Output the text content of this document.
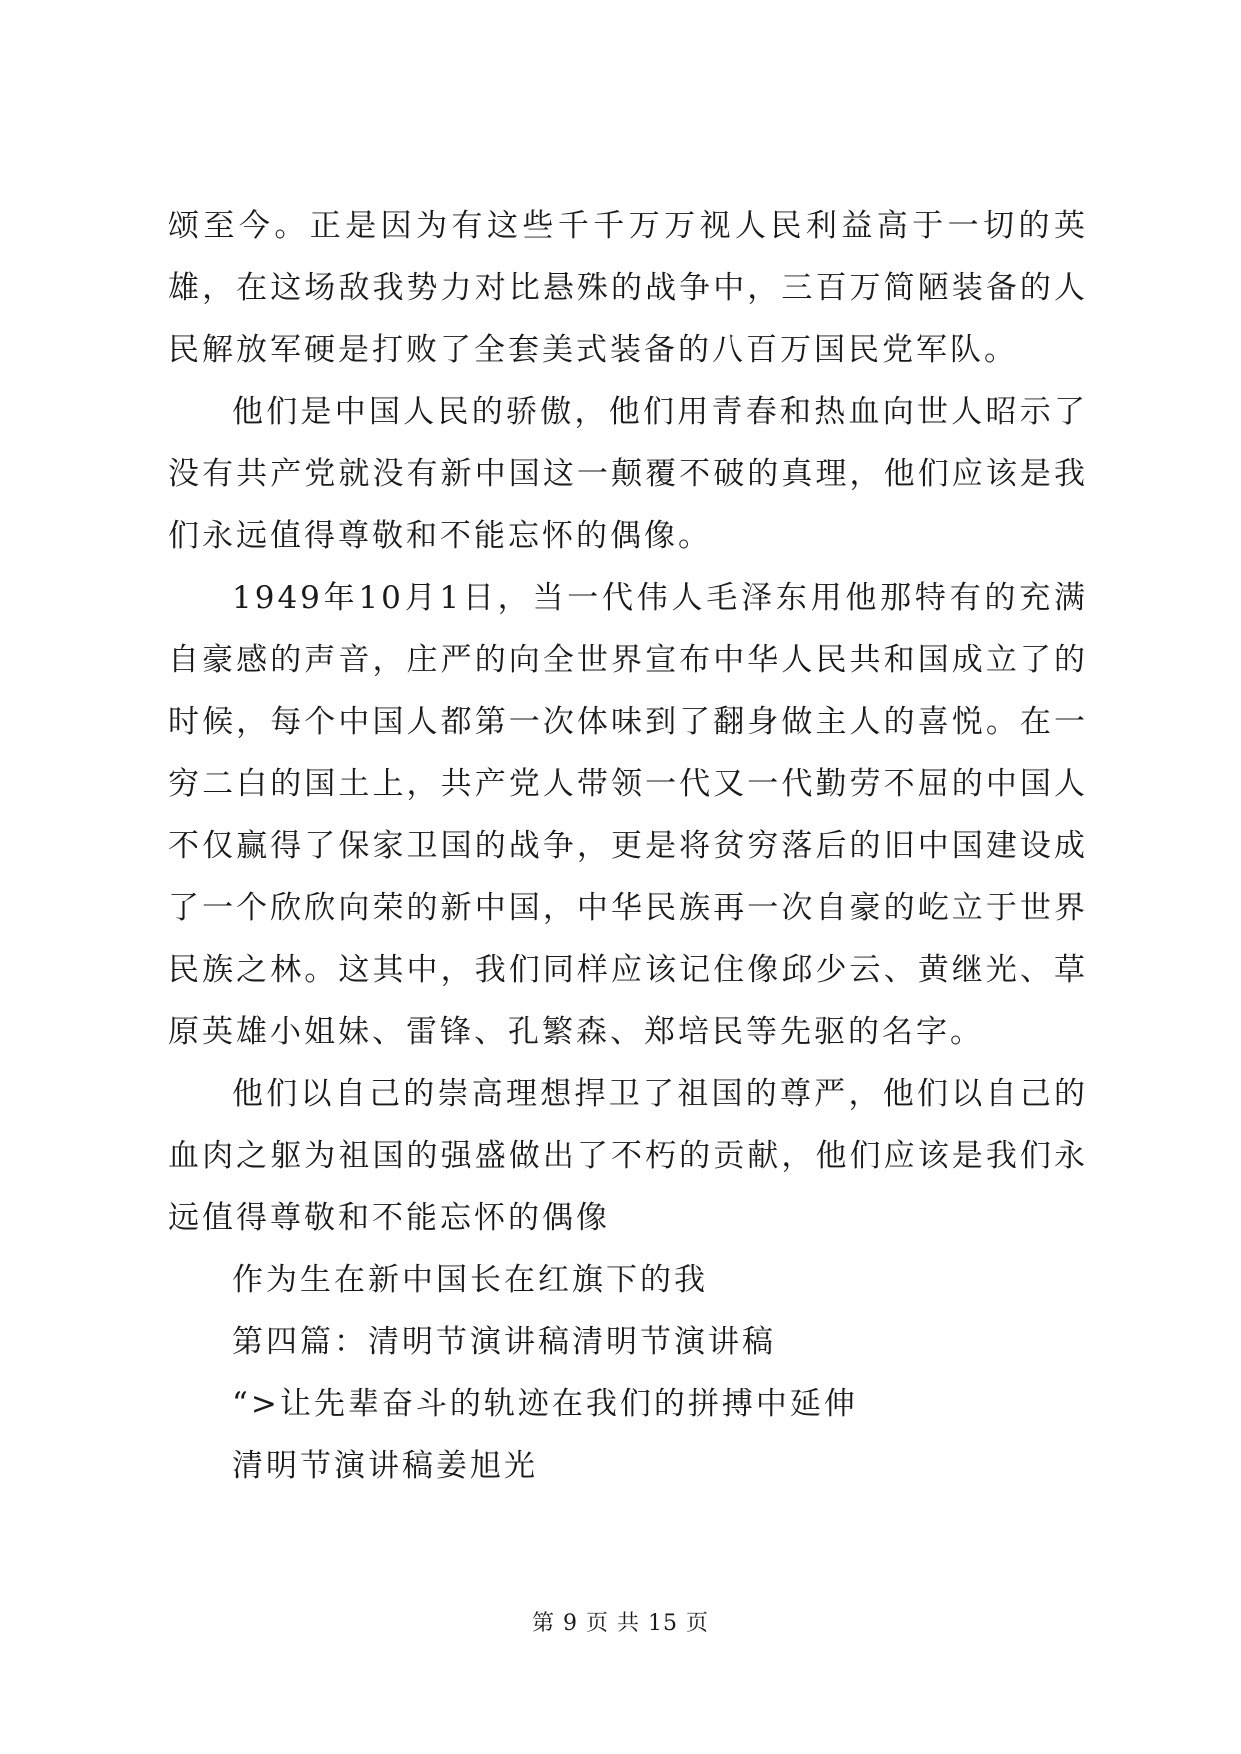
颂至今。正是因为有这些千千万万视人民利益高于一切的英雄，在这场敌我势力对比悬殊的战争中，三百万简陋装备的人民解放军硬是打败了全套美式装备的八百万国民党军队。

他们是中国人民的骄傲，他们用青春和热血向世人昭示了没有共产党就没有新中国这一颠覆不破的真理，他们应该是我们永远值得尊敬和不能忘怀的偶像。

1949年10月1日，当一代伟人毛泽东用他那特有的充满自豪感的声音，庄严的向全世界宣布中华人民共和国成立了的时候，每个中国人都第一次体味到了翻身做主人的喜悦。在一穷二白的国土上，共产党人带领一代又一代勤劳不屈的中国人不仅赢得了保家卫国的战争，更是将贫穷落后的旧中国建设成了一个欣欣向荣的新中国，中华民族再一次自豪的屹立于世界民族之林。这其中，我们同样应该记住像邱少云、黄继光、草原英雄小姐妹、雷锋、孔繁森、郑培民等先驱的名字。

他们以自己的崇高理想捍卫了祖国的尊严，他们以自己的血肉之躯为祖国的强盛做出了不朽的贡献，他们应该是我们永远值得尊敬和不能忘怀的偶像

作为生在新中国长在红旗下的我

第四篇：清明节演讲稿清明节演讲稿

“>让先辈奋斗的轨迹在我们的拼搏中延伸

清明节演讲稿姜旭光

第 9 页 共 15 页
